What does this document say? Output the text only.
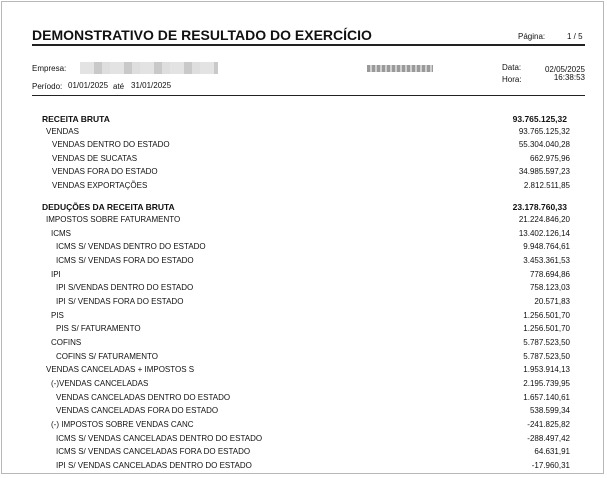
DEMONSTRATIVO DE RESULTADO DO EXERCÍCIO	Página:	1 / 5
Empresa:
Período: 01/01/2025 até 31/01/2025
Data:	02/05/2025
Hora:	16:38:53
RECEITA BRUTA	93.765.125,32
VENDAS	93.765.125,32
VENDAS DENTRO DO ESTADO	55.304.040,28
VENDAS DE SUCATAS	662.975,96
VENDAS FORA DO ESTADO	34.985.597,23
VENDAS EXPORTAÇÕES	2.812.511,85
DEDUÇÕES DA RECEITA BRUTA	23.178.760,33
IMPOSTOS SOBRE FATURAMENTO	21.224.846,20
ICMS	13.402.126,14
ICMS S/ VENDAS DENTRO DO ESTADO	9.948.764,61
ICMS S/ VENDAS FORA DO ESTADO	3.453.361,53
IPI	778.694,86
IPI S/VENDAS DENTRO DO ESTADO	758.123,03
IPI S/ VENDAS FORA DO ESTADO	20.571,83
PIS	1.256.501,70
PIS S/ FATURAMENTO	1.256.501,70
COFINS	5.787.523,50
COFINS S/ FATURAMENTO	5.787.523,50
VENDAS CANCELADAS + IMPOSTOS S	1.953.914,13
(-)VENDAS CANCELADAS	2.195.739,95
VENDAS CANCELADAS DENTRO DO ESTADO	1.657.140,61
VENDAS CANCELADAS FORA DO ESTADO	538.599,34
(-) IMPOSTOS SOBRE VENDAS CANC	-241.825,82
ICMS S/ VENDAS CANCELADAS DENTRO DO ESTADO	-288.497,42
ICMS S/ VENDAS CANCELADAS FORA DO ESTADO	64.631,91
IPI S/ VENDAS CANCELADAS DENTRO DO ESTADO	-17.960,31
